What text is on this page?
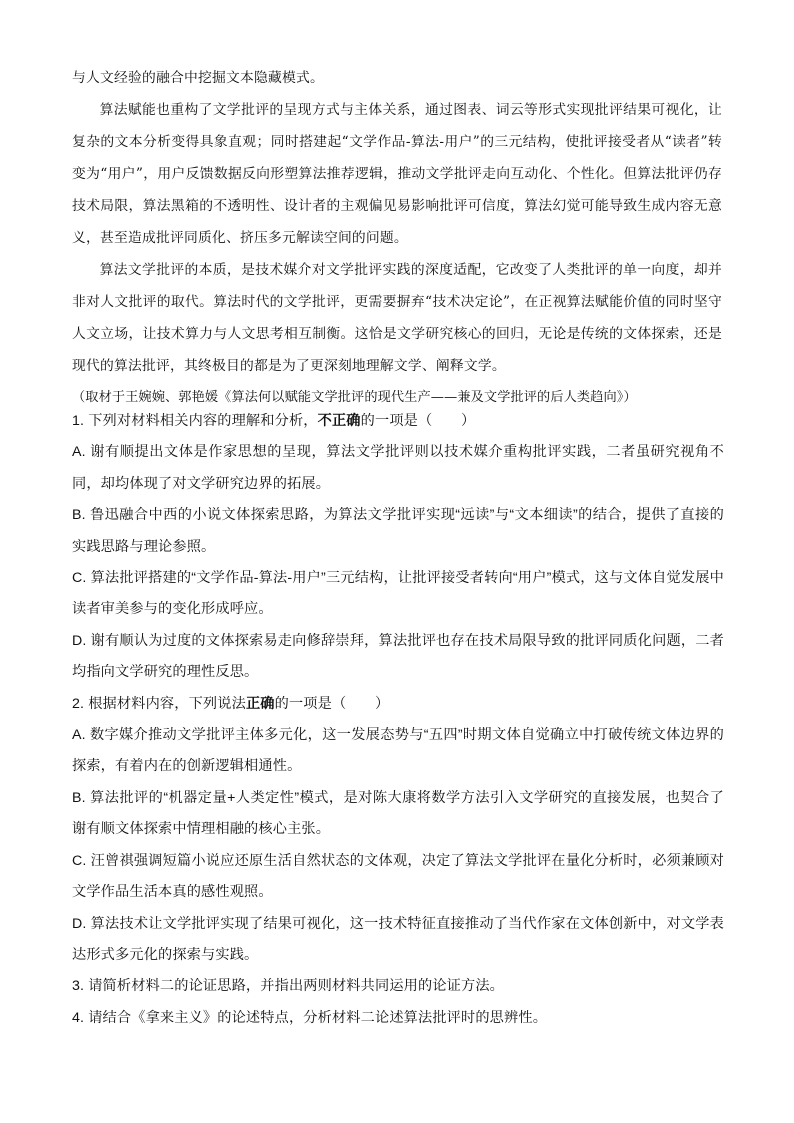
与人文经验的融合中挖掘文本隐藏模式。

算法赋能也重构了文学批评的呈现方式与主体关系，通过图表、词云等形式实现批评结果可视化，让复杂的文本分析变得具象直观；同时搭建起“文学作品-算法-用户”的三元结构，使批评接受者从“读者”转变为“用户”，用户反馈数据反向形塑算法推荐逻辑，推动文学批评走向互动化、个性化。但算法批评仍存技术局限，算法黑箱的不透明性、设计者的主观偏见易影响批评可信度，算法幻觉可能导致生成内容无意义，甚至造成批评同质化、挤压多元解读空间的问题。

算法文学批评的本质，是技术媒介对文学批评实践的深度适配，它改变了人类批评的单一向度，却并非对人文批评的取代。算法时代的文学批评，更需要摒弃“技术决定论”，在正视算法赋能价值的同时坚守人文立场，让技术算力与人文思考相互制衡。这恰是文学研究核心的回归，无论是传统的文体探索，还是现代的算法批评，其终极目的都是为了更深刻地理解文学、阐释文学。

（取材于王婉婉、郭艳媛《算法何以赋能文学批评的现代生产——兼及文学批评的后人类趋向》）

1. 下列对材料相关内容的理解和分析，不正确的一项是（　　）

A. 谢有顺提出文体是作家思想的呈现，算法文学批评则以技术媒介重构批评实践，二者虽研究视角不同，却均体现了对文学研究边界的拓展。

B. 鲁迅融合中西的小说文体探索思路，为算法文学批评实现“远读”与“文本细读”的结合，提供了直接的实践思路与理论参照。

C. 算法批评搭建的“文学作品-算法-用户”三元结构，让批评接受者转向“用户”模式，这与文体自觉发展中读者审美参与的变化形成呼应。

D. 谢有顺认为过度的文体探索易走向修辞崇拜，算法批评也存在技术局限导致的批评同质化问题，二者均指向文学研究的理性反思。

2. 根据材料内容，下列说法正确的一项是（　　）

A. 数字媒介推动文学批评主体多元化，这一发展态势与“五四”时期文体自觉确立中打破传统文体边界的探索，有着内在的创新逻辑相通性。

B. 算法批评的“机器定量+人类定性”模式，是对陈大康将数学方法引入文学研究的直接发展，也契合了谢有顺文体探索中情理相融的核心主张。

C. 汪曾祺强调短篇小说应还原生活自然状态的文体观，决定了算法文学批评在量化分析时，必须兼顾对文学作品生活本真的感性观照。

D. 算法技术让文学批评实现了结果可视化，这一技术特征直接推动了当代作家在文体创新中，对文学表达形式多元化的探索与实践。

3. 请简析材料二的论证思路，并指出两则材料共同运用的论证方法。

4. 请结合《拿来主义》的论述特点，分析材料二论述算法批评时的思辨性。
